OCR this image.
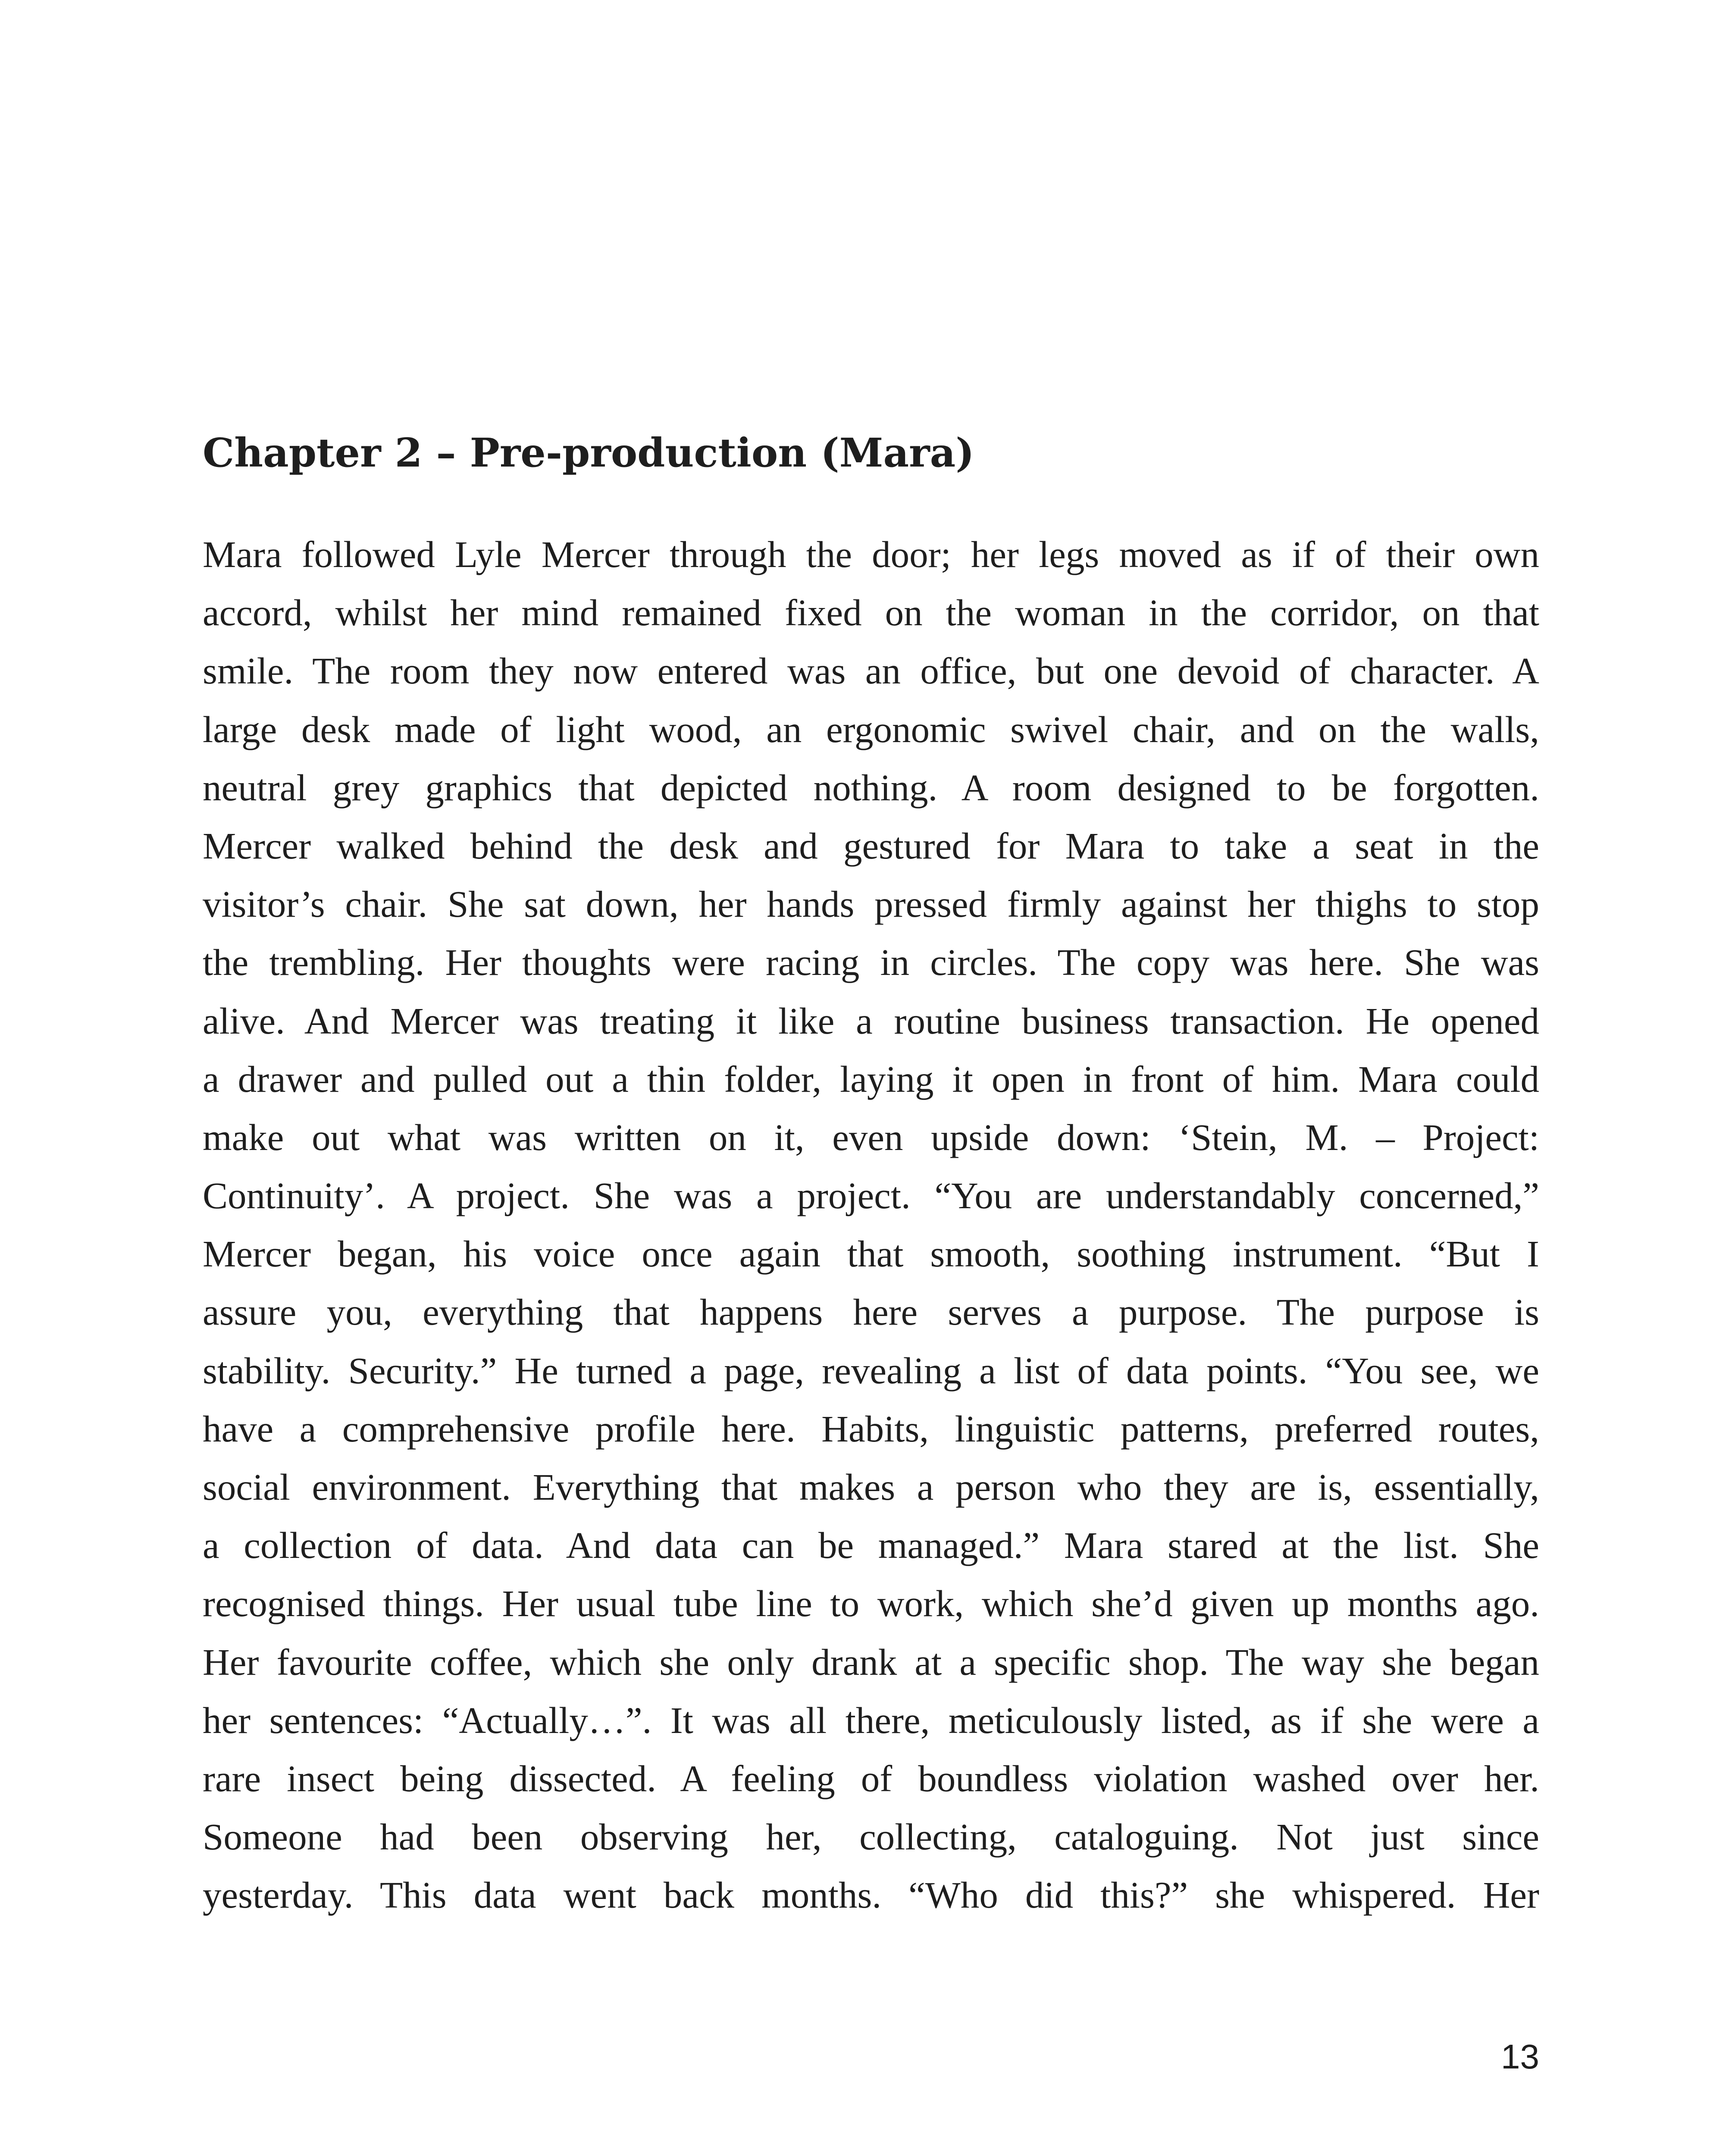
Chapter 2 – Pre-production (Mara)
Mara followed Lyle Mercer through the door; her legs moved as if of their own
accord, whilst her mind remained fixed on the woman in the corridor, on that
smile. The room they now entered was an office, but one devoid of character. A
large desk made of light wood, an ergonomic swivel chair, and on the walls,
neutral grey graphics that depicted nothing. A room designed to be forgotten.
Mercer walked behind the desk and gestured for Mara to take a seat in the
visitor’s chair. She sat down, her hands pressed firmly against her thighs to stop
the trembling. Her thoughts were racing in circles. The copy was here. She was
alive. And Mercer was treating it like a routine business transaction. He opened
a drawer and pulled out a thin folder, laying it open in front of him. Mara could
make out what was written on it, even upside down: ‘Stein, M. – Project:
Continuity’. A project. She was a project. “You are understandably concerned,”
Mercer began, his voice once again that smooth, soothing instrument. “But I
assure you, everything that happens here serves a purpose. The purpose is
stability. Security.” He turned a page, revealing a list of data points. “You see, we
have a comprehensive profile here. Habits, linguistic patterns, preferred routes,
social environment. Everything that makes a person who they are is, essentially,
a collection of data. And data can be managed.” Mara stared at the list. She
recognised things. Her usual tube line to work, which she’d given up months ago.
Her favourite coffee, which she only drank at a specific shop. The way she began
her sentences: “Actually…”. It was all there, meticulously listed, as if she were a
rare insect being dissected. A feeling of boundless violation washed over her.
Someone had been observing her, collecting, cataloguing. Not just since
yesterday. This data went back months. “Who did this?” she whispered. Her
13
